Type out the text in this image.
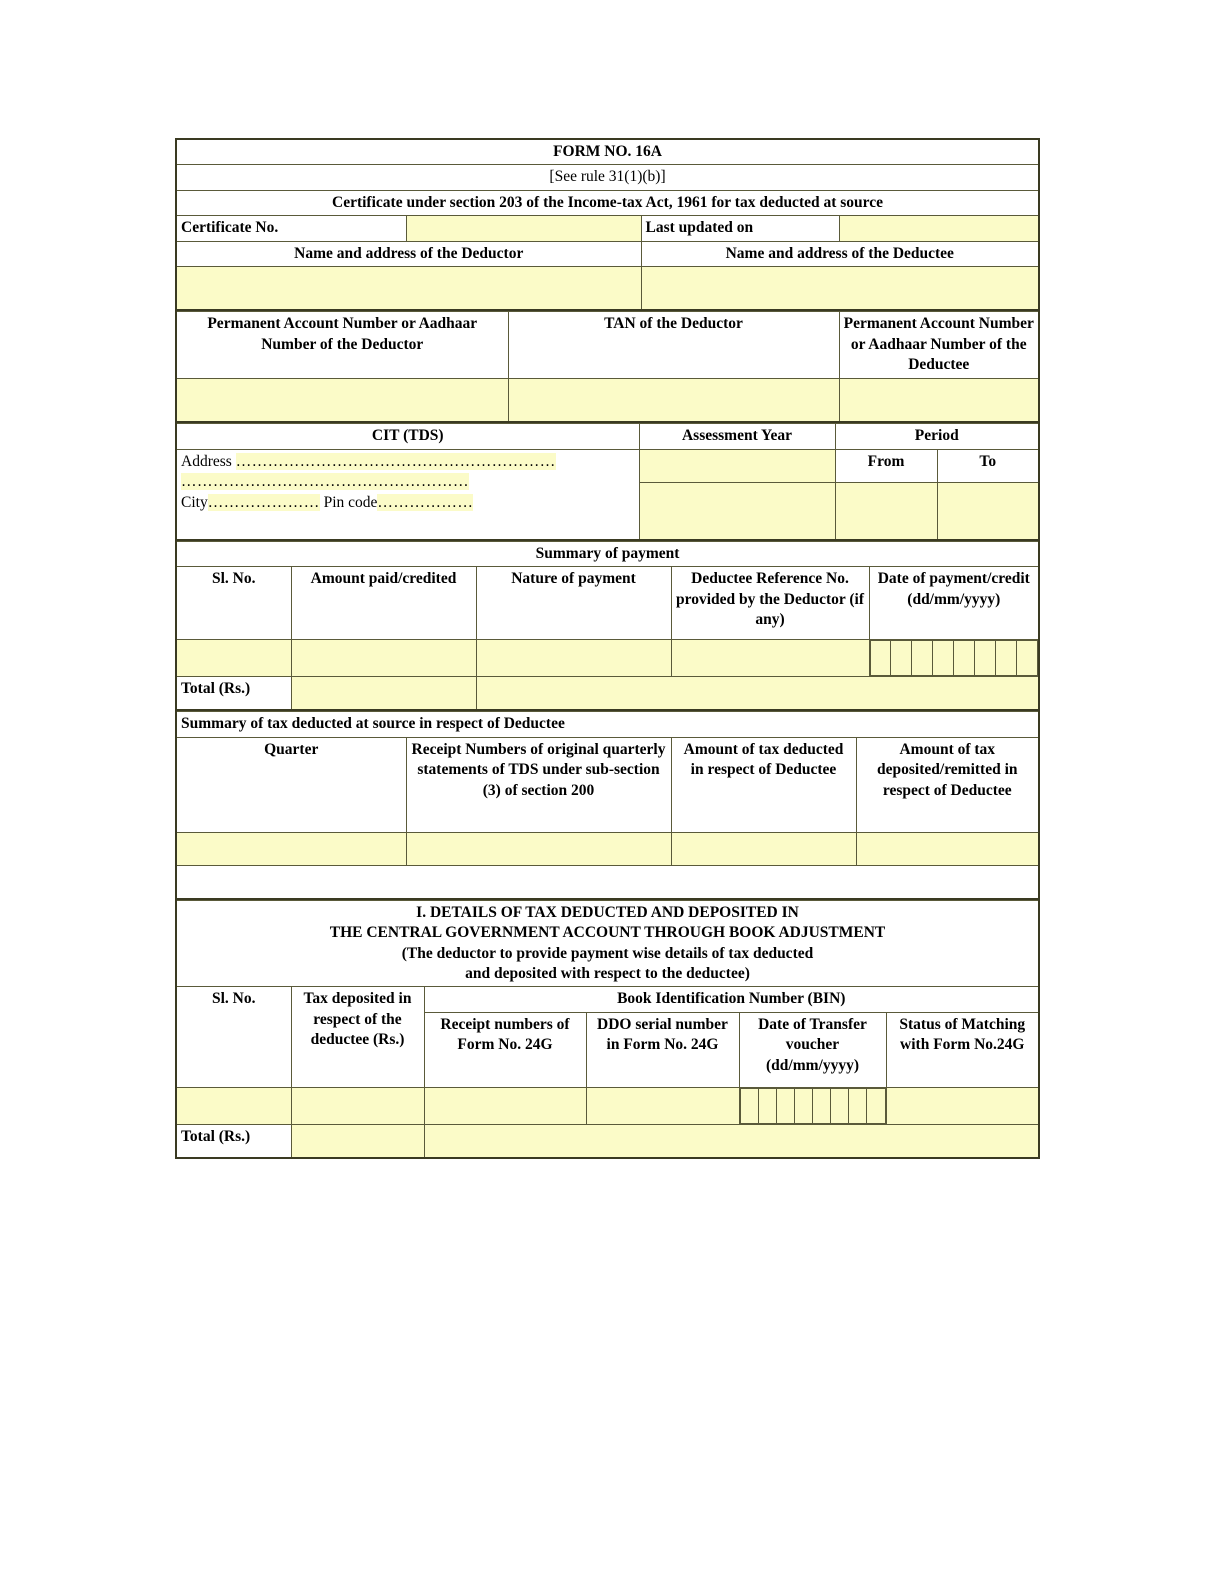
FORM NO. 16A			
[See rule 31(1)(b)]			
Certificate under section 203 of the Income-tax Act, 1961 for tax deducted at source			
Certificate No.		Last updated on	
Name and address of the Deductor		Name and address of the Deductee	

Permanent Account Number or Aadhaar Number of the Deductor	TAN of the Deductor	Permanent Account Number or Aadhaar Number of the Deductee

CIT (TDS)	Assessment Year	Period	

Address ……………………………………………………
………………………………………………
City………………… Pin code………………		From	To

Summary of payment
Sl. No.	Amount paid/credited	Nature of payment	Deductee Reference No. provided by the Deductor (if any)	Date of payment/credit (dd/mm/yyyy)

Total (Rs.)		
Summary of tax deducted at source in respect of Deductee			
Quarter	Receipt Numbers of original quarterly statements of TDS under sub-section (3) of section 200	Amount of tax deducted in respect of Deductee	Amount of tax deposited/remitted in respect of Deductee

I. DETAILS OF TAX DEDUCTED AND DEPOSITED IN
THE CENTRAL GOVERNMENT ACCOUNT THROUGH BOOK ADJUSTMENT
(The deductor to provide payment wise details of tax deducted
and deposited with respect to the deductee)

Sl. No.	Tax deposited in respect of the deductee (Rs.)	Book Identification Number (BIN)
Receipt numbers of Form No. 24G	DDO serial number in Form No. 24G	Date of Transfer voucher (dd/mm/yyyy)	Status of Matching with Form No.24G

Total (Rs.)		
